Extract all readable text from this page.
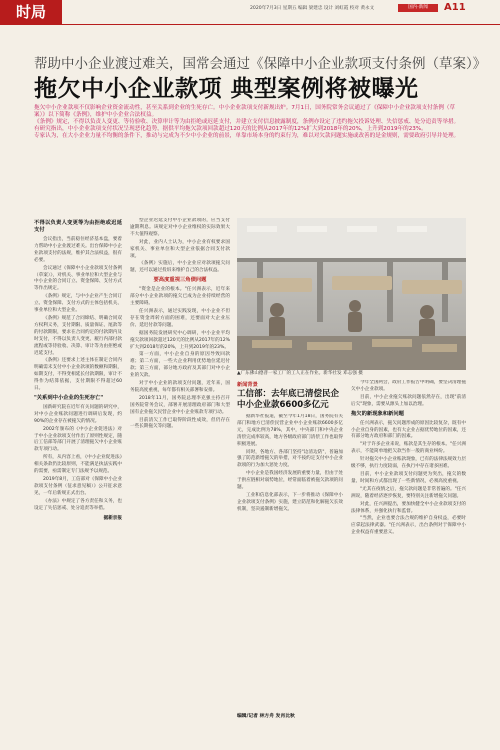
时局	2020年7月3日 星期五 编辑 梁建忠 设计 刘虹霞 校对 黄永文	国内·新闻	A11
帮助中小企业渡过难关，国常会通过《保障中小企业款项支付条例（草案）》
拖欠中小企业款项 典型案例将被曝光

拖欠中小企业款项不仅影响企业资金流动性，甚至关系到企业的生死存亡。中小企业款项支付新规出炉。7月1日，国务院常务会议通过了《保障中小企业款项支付条例（草案）》以下简称《条例》，维护中小企业合法权益。

《条例》规定，不得以负责人变更、等待验收、决算审计等为由拒绝或迟延支付，并建立支付信息披露制度，条例亦设定了违约拖欠投诉处理、失信惩戒、处分追责等举措。

有研究指出，中小企业款项支付状况呈现恶化趋势，据供平均拖欠款项回款超过120天的比例从2017年的12%扩大到2018年的20%，上升到2019年的23%。

专家认为，在大小企业力量不均衡的条件下，推动与完成为不少中小企业的前景，单靠市场本身的约束行为，难以对欠款问题实施或改善的是金规则，需要政府引导并处理。

不得以负责人变更等为由拒绝或迟延支付

会议指出，当前稳住经济基本盘，要着力帮助中小企业渡过难关。出台保障中小企业款项支付的法规，维护其合法权益，很有必要。

会议通过《保障中小企业款项支付条例（草案）》，对机关、事业单位和大型企业与中小企业的合同订立、资金保障、支付方式等作出规定。

《条例》规定，与中小企业产生合同订立、资金保障、支付方式的主体包括机关、事业单位和大型企业。

《条例》规范了合同缔结、明确合同双方权利义务，支付期限、质量保证、尾款等的付款期限，要求在合同约定的付款期内及时支付，不得以负责人变更、履行内部付款流程或等待验收、决算、审计等为由拒绝或迟延支付。

《条例》还要求上述主体在制定合同内明确需未支付中小企业款项的数额和期限，如期支付，不得变相延长付款期限，审计不得作为结算依据，支付期限不得超过60日。

"关系到中小企业的生死存亡"

国新研究院在近年有关问题的研究中，对中小企业账款问题进行调研后发现，约90%的企业存在被拖欠的情况。

2002年颁布的《中小企业促进法》对于中小企业款项支付作出了原则性规定，随后工信部等部门开展了清理拖欠中小企业账款专项行动。

所有，从内容上看，《中小企业促进法》相关条款仍比较原则，不能满足执法实践中的需要，亟需制定专门法规予以规范。

2019年8月，工信部对《保障中小企业款项支付条例（征求意见稿）》公开征求意见，一年后新规正式出台。

《办法》中规定了各方责任和义务，也设定了失信惩戒、处分追责等举措。

据新京报

型企业迟延支付中小企业款项的，应当支付逾期利息。该规定对中小企业维权的实际效果大不大值得观察。

对此，业内人士认为，中小企业有权要求国家机关、事业单位和大型企业依据合同支付款项。

《条例》实施后，中小企业应对款项拖欠问题，还可以通过投诉来维护自己的合法权益。

要高度重视三角债问题

"资金是企业的根本。"任兴洲表示，近年来部分中小企业款项的拖欠已成为企业持续经营的主要障碍。

任兴洲表示，通过实践发现，中小企业不但存在资金周转方面的困难，还要面对大企业压价、延迟付款等问题。

据国务院发展研究中心调研，中小企业平均拖欠款项回款超过120天的比例从2017年的12%扩大到2018年的20%，上升到2019年的23%。

第一方面，中小企业自身的原因导致回款难；第二方面，一些大企业利用优势地位延迟付款；第三方面，部分地方政府及其部门对中小企业的欠款。

对于中小企业的款项支付问题，近年来，国务院高度重视，每年都有相关部署和安排。

2018年11月，国务院总理李克强主持召开国务院常务会议，部署开展清理政府部门和大型国有企业拖欠民营企业中小企业账款专项行动。

目前清欠工作已取得阶段性成效，但仍存在一些长期拖欠等问题。

▲广东佛山德普一家工厂的工人正在作业。新华社发 邓志强 摄
新闻背景
工信部：去年底已清偿民企中小企业款6600多亿元

据新华社报道，截至今年1月18日，国务院有关部门和地方已清偿民营企业中小企业账款6600多亿元，完成比例为78%，其中，中央部门和中央企业清偿完成率较高，地方各级政府部门清偿工作也取得积极进展。

同时，各地方、各部门坚持"边清边防"，普遍加强了防范新增拖欠的举措，对不按约定支付中小企业款项的行为加大惩处力度。

中小企业是我国经济发展的重要力量，但由于处于供应链相对弱势地位，经常面临着被拖欠款项的问题。

工业和信息化部表示，下一步将推动《保障中小企业款项支付条例》实施，建立防范和化解拖欠长效机制，坚决遏制新增拖欠。

编辑/记者 林方舟 发肖比秋

今年全国两会，政府工作报告中明确，要坚决清理拖欠中小企业款项。

目前，中小企业拖欠账款问题依然存在，出现"前清后欠"现象，需要从源头上加以治理。

拖欠的新现象和新问题

任兴洲表示，拖欠问题形成的原因比较复杂，既有中小企业自身的因素，也有大企业占据优势地位的因素，还有部分地方政府和部门的因素。

"对于许多企业来说，账款是其生存的根本。"任兴洲表示，不能简单地把欠款当作一般的商业纠纷。

针对拖欠中小企业账款现象，已有的法律法规效力层级不够，执行力度较弱，在执行中存在诸多困难。

目前，中小企业款项支付问题更为突出，拖欠的数量、时间和方式都出现了一些新情况，必须高度重视。

"尤其在疫情之后，拖欠款问题是非常普遍的。"任兴洲说，随着经济逐步恢复，要特别关注新增拖欠问题。

对此，任兴洲提出，要加快健全中小企业款项支付的法律体系，并强化执行和监督。

"当然，企业也要合法合规的维护自身权益，必要时应拿起法律武器。"任兴洲表示，出台条例对于保障中小企业权益有重要意义。
